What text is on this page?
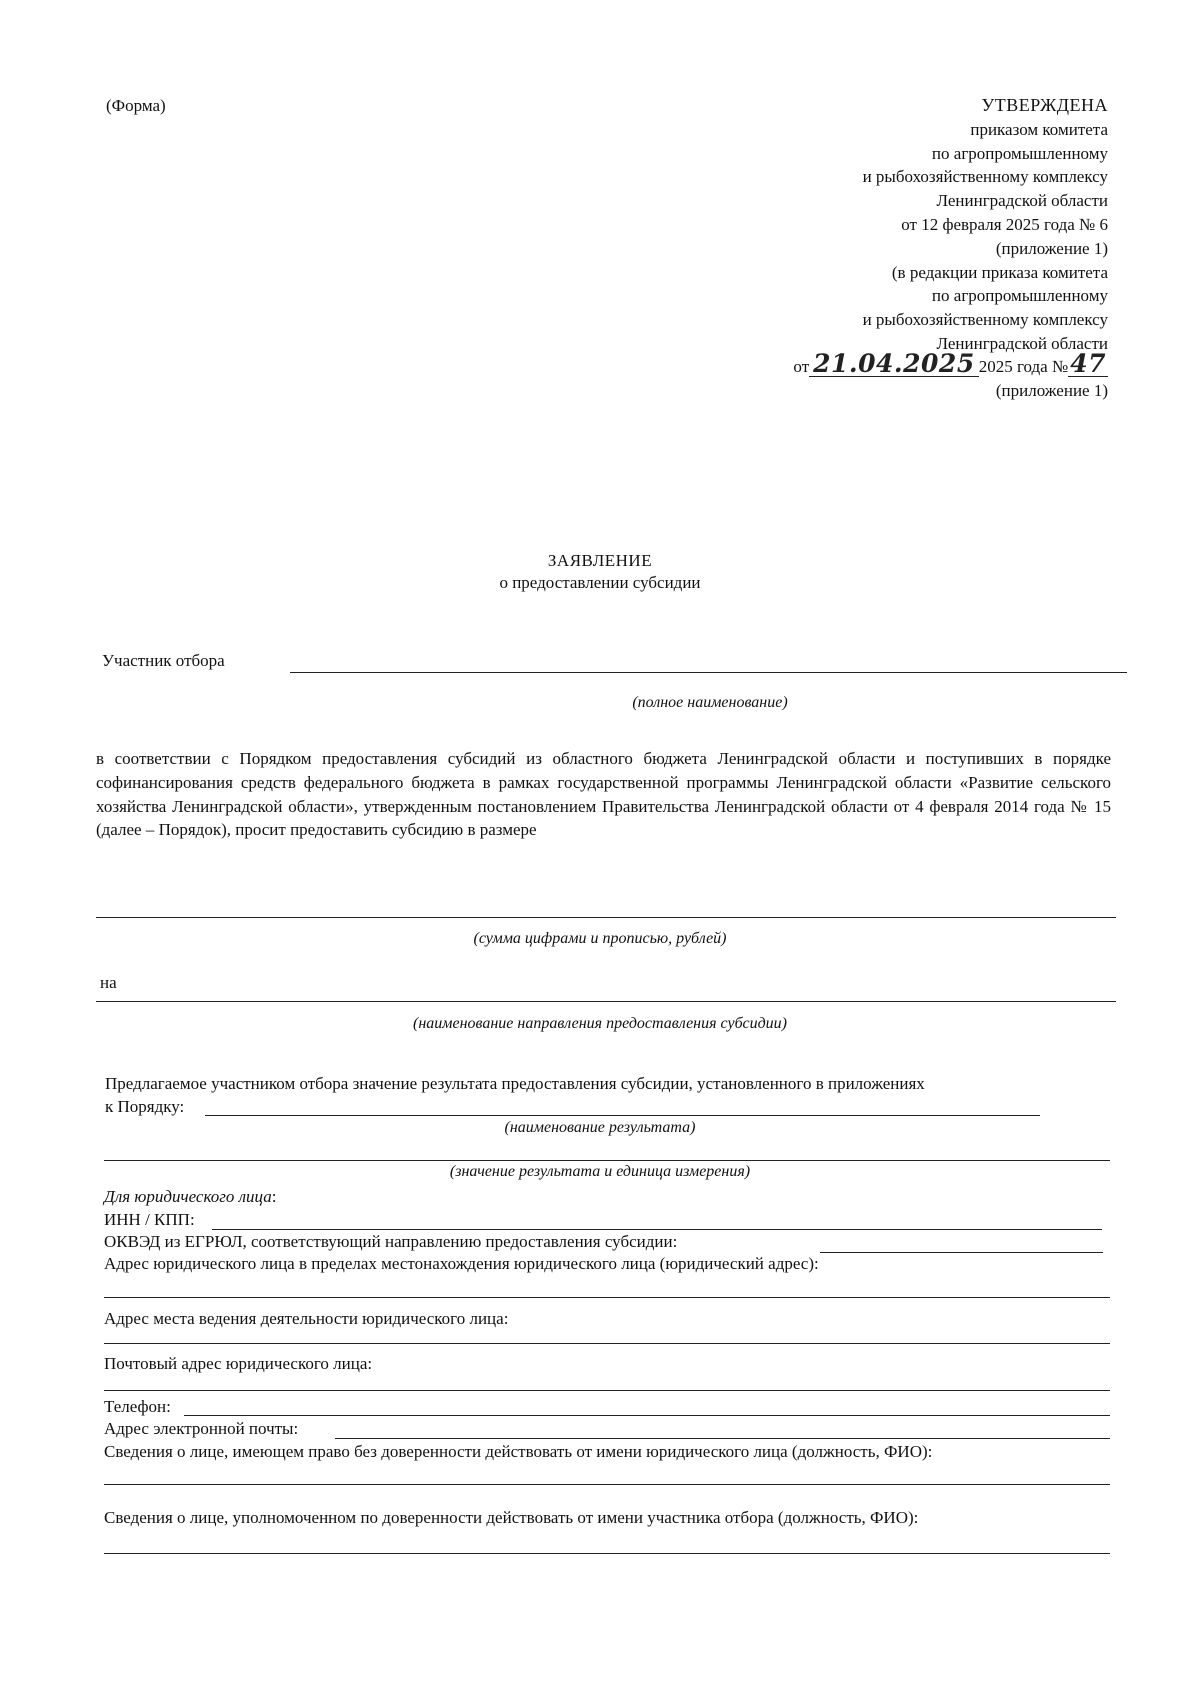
(Форма)	УТВЕРЖДЕНА
приказом комитета
по агропромышленному
и рыбохозяйственному комплексу
Ленинградской области
от 12 февраля 2025 года № 6
(приложение 1)
(в редакции приказа комитета
по агропромышленному
и рыбохозяйственному комплексу
Ленинградской области
от 21.04.2025 2025 года №47
(приложение 1)
ЗАЯВЛЕНИЕ
о предоставлении субсидии
Участник отбора
(полное наименование)
в соответствии с Порядком предоставления субсидий из областного бюджета Ленинградской области и поступивших в порядке софинансирования средств федерального бюджета в рамках государственной программы Ленинградской области «Развитие сельского хозяйства Ленинградской области», утвержденным постановлением Правительства Ленинградской области от 4 февраля 2014 года № 15 (далее – Порядок), просит предоставить субсидию в размере
(сумма цифрами и прописью, рублей)
на
(наименование направления предоставления субсидии)
Предлагаемое участником отбора значение результата предоставления субсидии, установленного в приложениях
к Порядку:
(наименование результата)
(значение результата и единица измерения)
Для юридического лица:
ИНН / КПП:
ОКВЭД из ЕГРЮЛ, соответствующий направлению предоставления субсидии:
Адрес юридического лица в пределах местонахождения юридического лица (юридический адрес):
Адрес места ведения деятельности юридического лица:
Почтовый адрес юридического лица:
Телефон:
Адрес электронной почты:
Сведения о лице, имеющем право без доверенности действовать от имени юридического лица (должность, ФИО):
Сведения о лице, уполномоченном по доверенности действовать от имени участника отбора (должность, ФИО):
